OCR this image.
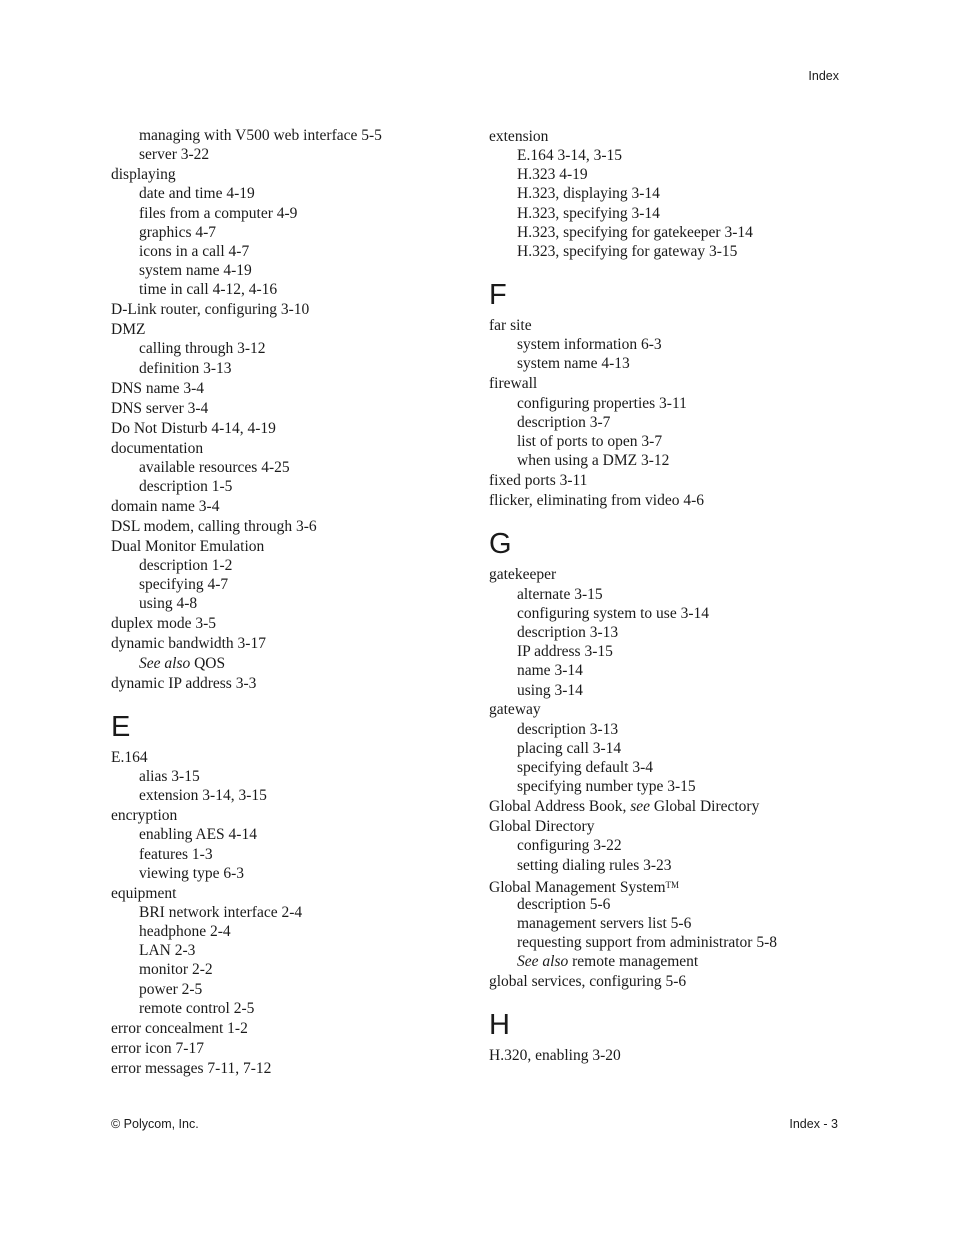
Index
managing with V500 web interface 5-5
server 3-22
displaying
date and time 4-19
files from a computer 4-9
graphics 4-7
icons in a call 4-7
system name 4-19
time in call 4-12, 4-16
D-Link router, configuring 3-10
DMZ
calling through 3-12
definition 3-13
DNS name 3-4
DNS server 3-4
Do Not Disturb 4-14, 4-19
documentation
available resources 4-25
description 1-5
domain name 3-4
DSL modem, calling through 3-6
Dual Monitor Emulation
description 1-2
specifying 4-7
using 4-8
duplex mode 3-5
dynamic bandwidth 3-17
See also QOS
dynamic IP address 3-3
E
E.164
alias 3-15
extension 3-14, 3-15
encryption
enabling AES 4-14
features 1-3
viewing type 6-3
equipment
BRI network interface 2-4
headphone 2-4
LAN 2-3
monitor 2-2
power 2-5
remote control 2-5
error concealment 1-2
error icon 7-17
error messages 7-11, 7-12
extension
E.164 3-14, 3-15
H.323 4-19
H.323, displaying 3-14
H.323, specifying 3-14
H.323, specifying for gatekeeper 3-14
H.323, specifying for gateway 3-15
F
far site
system information 6-3
system name 4-13
firewall
configuring properties 3-11
description 3-7
list of ports to open 3-7
when using a DMZ 3-12
fixed ports 3-11
flicker, eliminating from video 4-6
G
gatekeeper
alternate 3-15
configuring system to use 3-14
description 3-13
IP address 3-15
name 3-14
using 3-14
gateway
description 3-13
placing call 3-14
specifying default 3-4
specifying number type 3-15
Global Address Book, see Global Directory
Global Directory
configuring 3-22
setting dialing rules 3-23
Global Management System™
description 5-6
management servers list 5-6
requesting support from administrator 5-8
See also remote management
global services, configuring 5-6
H
H.320, enabling 3-20
© Polycom, Inc.	Index - 3
